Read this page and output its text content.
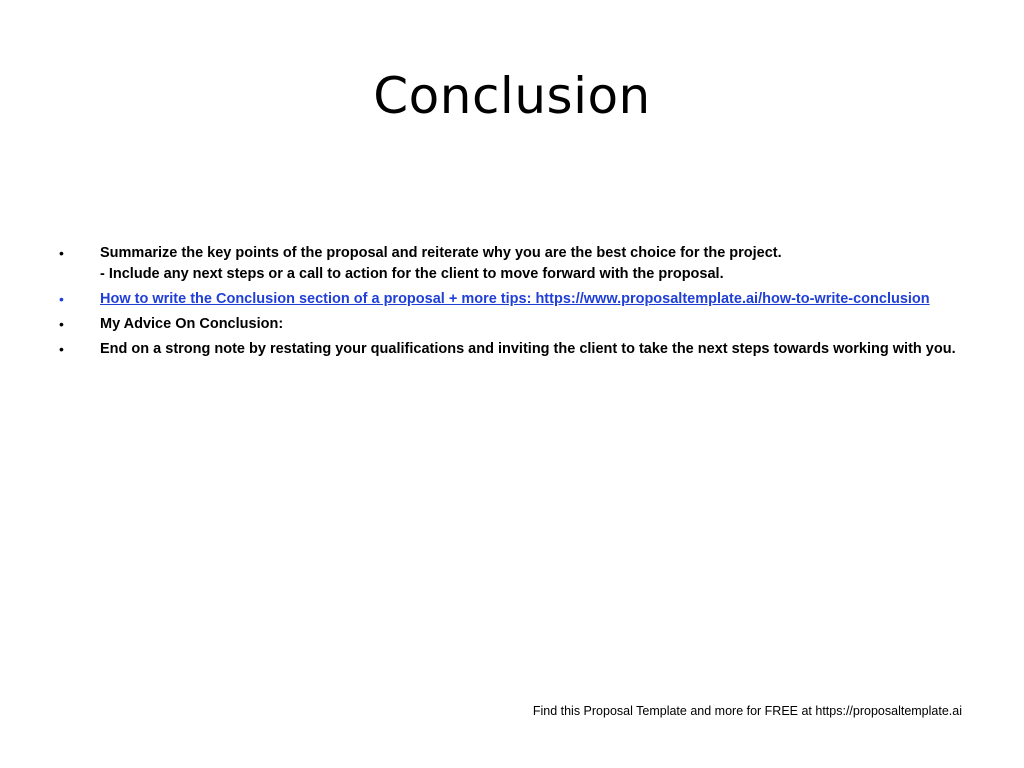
Conclusion
•	Summarize the key points of the proposal and reiterate why you are the best choice for the project.
- Include any next steps or a call to action for the client to move forward with the proposal.
•	How to write the Conclusion section of a proposal + more tips: https://www.proposaltemplate.ai/how-to-write-conclusion
•	My Advice On Conclusion:
•	End on a strong note by restating your qualifications and inviting the client to take the next steps towards working with you.
Find this Proposal Template and more for FREE at https://proposaltemplate.ai
